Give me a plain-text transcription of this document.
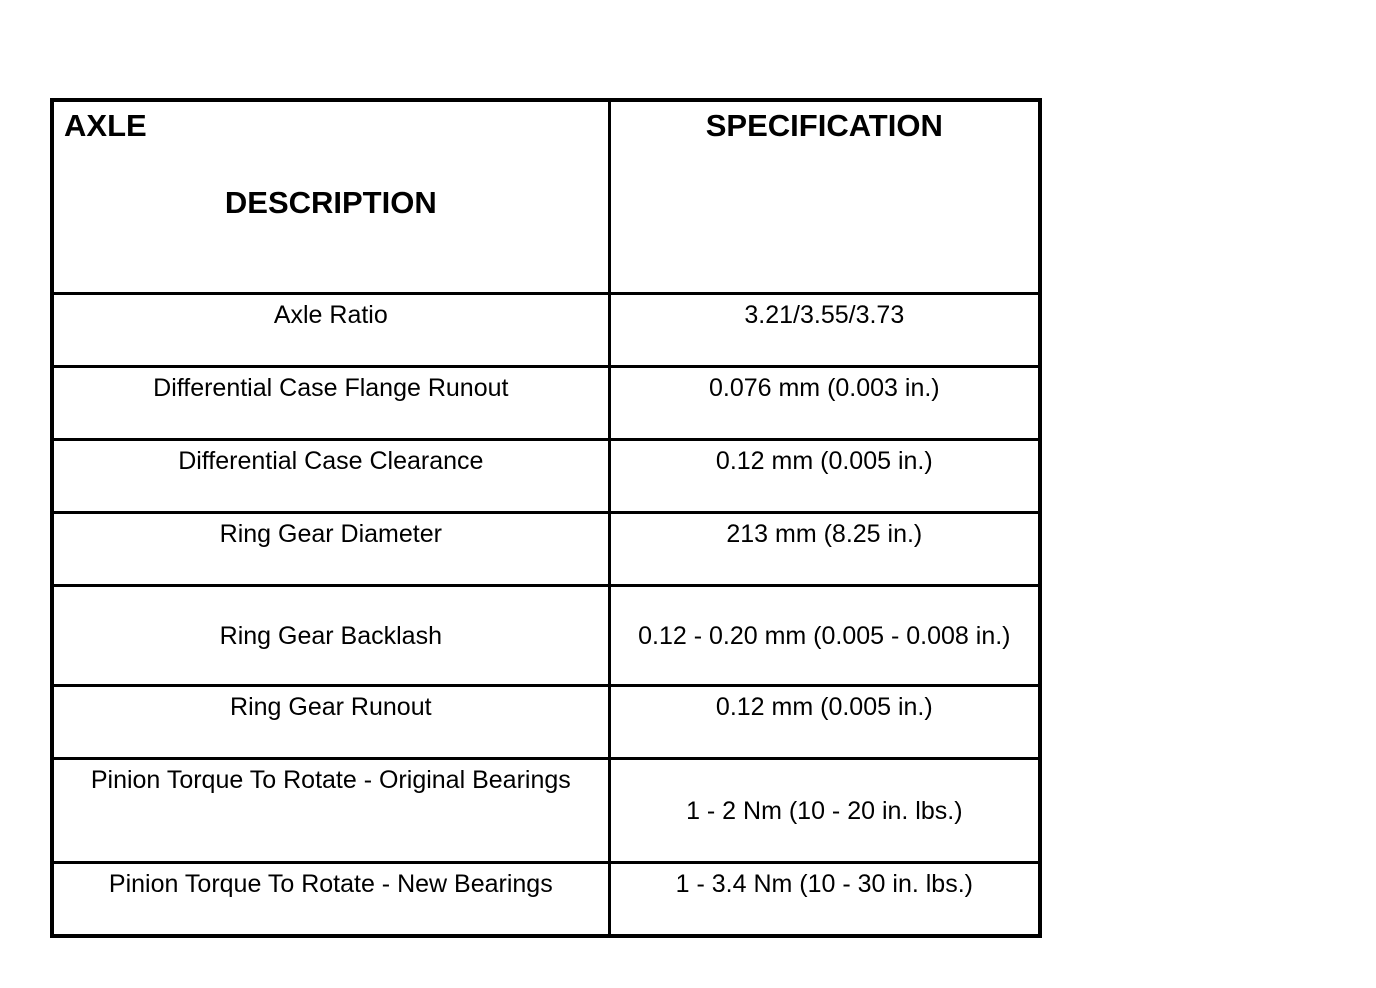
AXLE
DESCRIPTION	SPECIFICATION

Axle Ratio	3.21/3.55/3.73

Differential Case Flange Runout	0.076 mm (0.003 in.)

Differential Case Clearance	0.12 mm (0.005 in.)

Ring Gear Diameter	213 mm (8.25 in.)

Ring Gear Backlash	0.12 - 0.20 mm (0.005 - 0.008 in.)

Ring Gear Runout	0.12 mm (0.005 in.)

Pinion Torque To Rotate - Original Bearings	1 - 2 Nm (10 - 20 in. lbs.)

Pinion Torque To Rotate - New Bearings	1 - 3.4 Nm (10 - 30 in. lbs.)
